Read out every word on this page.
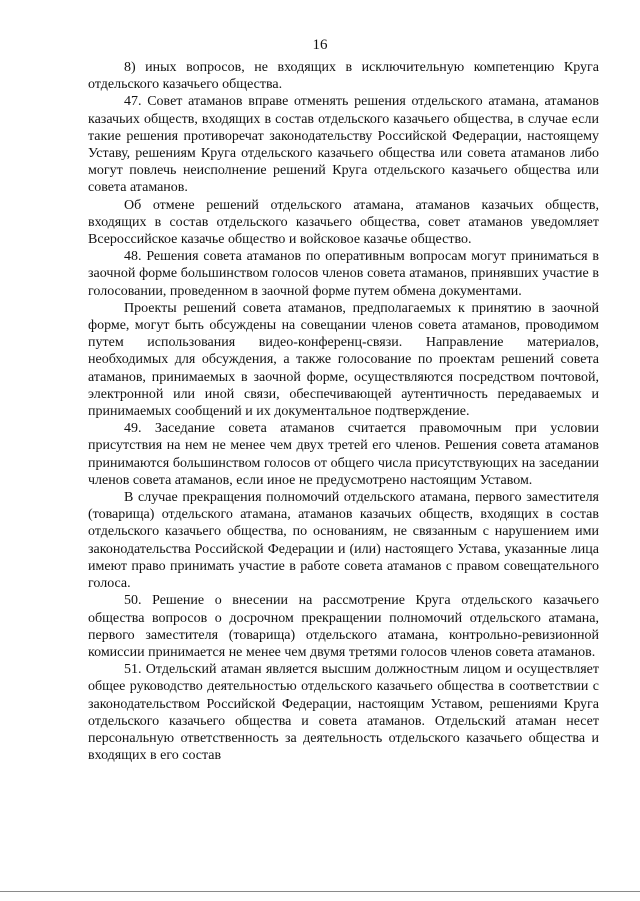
16

8) иных вопросов, не входящих в исключительную компетенцию Круга отдельского казачьего общества.

47. Совет атаманов вправе отменять решения отдельского атамана, атаманов казачьих обществ, входящих в состав отдельского казачьего общества, в случае если такие решения противоречат законодательству Российской Федерации, настоящему Уставу, решениям Круга отдельского казачьего общества или совета атаманов либо могут повлечь неисполнение решений Круга отдельского казачьего общества или совета атаманов.

Об отмене решений отдельского атамана, атаманов казачьих обществ, входящих в состав отдельского казачьего общества, совет атаманов уведомляет Всероссийское казачье общество и войсковое казачье общество.

48. Решения совета атаманов по оперативным вопросам могут приниматься в заочной форме большинством голосов членов совета атаманов, принявших участие в голосовании, проведенном в заочной форме путем обмена документами.

Проекты решений совета атаманов, предполагаемых к принятию в заочной форме, могут быть обсуждены на совещании членов совета атаманов, проводимом путем использования видео-конференц-связи. Направление материалов, необходимых для обсуждения, а также голосование по проектам решений совета атаманов, принимаемых в заочной форме, осуществляются посредством почтовой, электронной или иной связи, обеспечивающей аутентичность передаваемых и принимаемых сообщений и их документальное подтверждение.

49. Заседание совета атаманов считается правомочным при условии присутствия на нем не менее чем двух третей его членов. Решения совета атаманов принимаются большинством голосов от общего числа присутствующих на заседании членов совета атаманов, если иное не предусмотрено настоящим Уставом.

В случае прекращения полномочий отдельского атамана, первого заместителя (товарища) отдельского атамана, атаманов казачьих обществ, входящих в состав отдельского казачьего общества, по основаниям, не связанным с нарушением ими законодательства Российской Федерации и (или) настоящего Устава, указанные лица имеют право принимать участие в работе совета атаманов с правом совещательного голоса.

50. Решение о внесении на рассмотрение Круга отдельского казачьего общества вопросов о досрочном прекращении полномочий отдельского атамана, первого заместителя (товарища) отдельского атамана, контрольно-ревизионной комиссии принимается не менее чем двумя третями голосов членов совета атаманов.

51. Отдельский атаман является высшим должностным лицом и осуществляет общее руководство деятельностью отдельского казачьего общества в соответствии с законодательством Российской Федерации, настоящим Уставом, решениями Круга отдельского казачьего общества и совета атаманов. Отдельский атаман несет персональную ответственность за деятельность отдельского казачьего общества и входящих в его состав
